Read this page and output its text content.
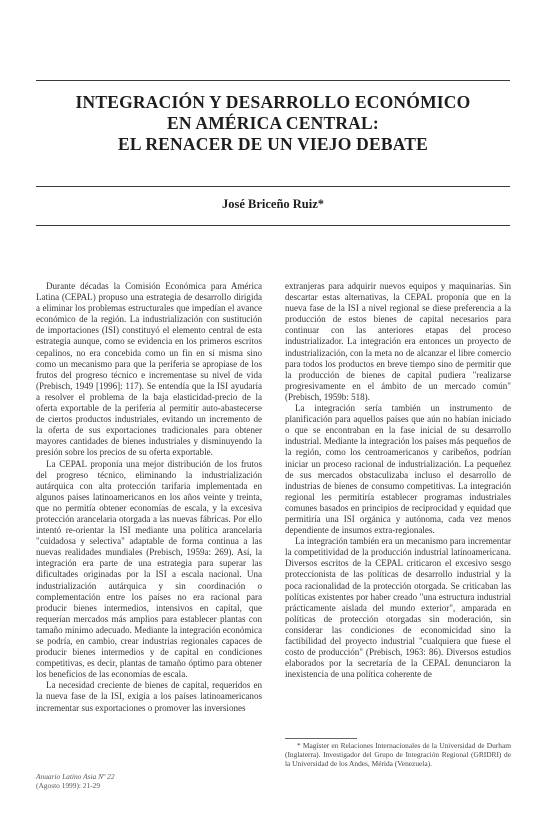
INTEGRACIÓN Y DESARROLLO ECONÓMICO
EN AMÉRICA CENTRAL:
EL RENACER DE UN VIEJO DEBATE
José Briceño Ruiz*

Durante décadas la Comisión Económica para América Latina (CEPAL) propuso una estrategia de desarrollo dirigida a eliminar los problemas estructurales que impedían el avance económico de la región. La industrialización con sustitución de importaciones (ISI) constituyó el elemento central de esta estrategia aunque, como se evidencia en los primeros escritos cepalinos, no era concebida como un fin en sí misma sino como un mecanismo para que la periferia se apropiase de los frutos del progreso técnico e incrementase su nivel de vida (Prebisch, 1949 [1996]: 117). Se entendía que la ISI ayudaría a resolver el problema de la baja elasticidad-precio de la oferta exportable de la periferia al permitir auto-abastecerse de ciertos productos industriales, evitando un incremento de la oferta de sus exportaciones tradicionales para obtener mayores cantidades de bienes industriales y disminuyendo la presión sobre los precios de su oferta exportable.

La CEPAL proponía una mejor distribución de los frutos del progreso técnico, eliminando la industrialización autárquica con alta protección tarifaria implementada en algunos países latinoamericanos en los años veinte y treinta, que no permitía obtener economías de escala, y la excesiva protección arancelaria otorgada a las nuevas fábricas. Por ello intentó re-orientar la ISI mediante una política arancelaria "cuidadosa y selectiva" adaptable de forma continua a las nuevas realidades mundiales (Prebisch, 1959a: 269). Así, la integración era parte de una estrategia para superar las dificultades originadas por la ISI a escala nacional. Una industrialización autárquica y sin coordinación o complementación entre los países no era racional para producir bienes intermedios, intensivos en capital, que requerían mercados más amplios para establecer plantas con tamaño mínimo adecuado. Mediante la integración económica se podría, en cambio, crear industrias regionales capaces de producir bienes intermedios y de capital en condiciones competitivas, es decir, plantas de tamaño óptimo para obtener los beneficios de las economías de escala.

La necesidad creciente de bienes de capital, requeridos en la nueva fase de la ISI, exigía a los países latinoamericanos incrementar sus exportaciones o promover las inversiones

extranjeras para adquirir nuevos equipos y maquinarias. Sin descartar estas alternativas, la CEPAL proponía que en la nueva fase de la ISI a nivel regional se diese preferencia a la producción de estos bienes de capital necesarios para continuar con las anteriores etapas del proceso industrializador. La integración era entonces un proyecto de industrialización, con la meta no de alcanzar el libre comercio para todos los productos en breve tiempo sino de permitir que la producción de bienes de capital pudiera "realizarse progresivamente en el ámbito de un mercado común" (Prebisch, 1959b: 518).

La integración sería también un instrumento de planificación para aquellos países que aún no habían iniciado o que se encontraban en la fase inicial de su desarrollo industrial. Mediante la integración los países más pequeños de la región, como los centroamericanos y caribeños, podrían iniciar un proceso racional de industrialización. La pequeñez de sus mercados obstaculizaba incluso el desarrollo de industrias de bienes de consumo competitivas. La integración regional les permitiría establecer programas industriales comunes basados en principios de reciprocidad y equidad que permitiría una ISI orgánica y autónoma, cada vez menos dependiente de insumos extra-regionales.

La integración también era un mecanismo para incrementar la competitividad de la producción industrial latinoamericana. Diversos escritos de la CEPAL criticaron el excesivo sesgo proteccionista de las políticas de desarrollo industrial y la poca racionalidad de la protección otorgada. Se criticaban las políticas existentes por haber creado "una estructura industrial prácticamente aislada del mundo exterior", amparada en políticas de protección otorgadas sin moderación, sin considerar las condiciones de economicidad sino la factibilidad del proyecto industrial "cualquiera que fuese el costo de producción" (Prebisch, 1963: 86). Diversos estudios elaborados por la secretaría de la CEPAL denunciaron la inexistencia de una política coherente de

* Magíster en Relaciones Internacionales de la Universidad de Durham (Inglaterra). Investigador del Grupo de Integración Regional (GRIDRI) de la Universidad de los Andes, Mérida (Venezuela).
Anuario Latino Asia Nº 22
(Agosto 1999): 21-29
